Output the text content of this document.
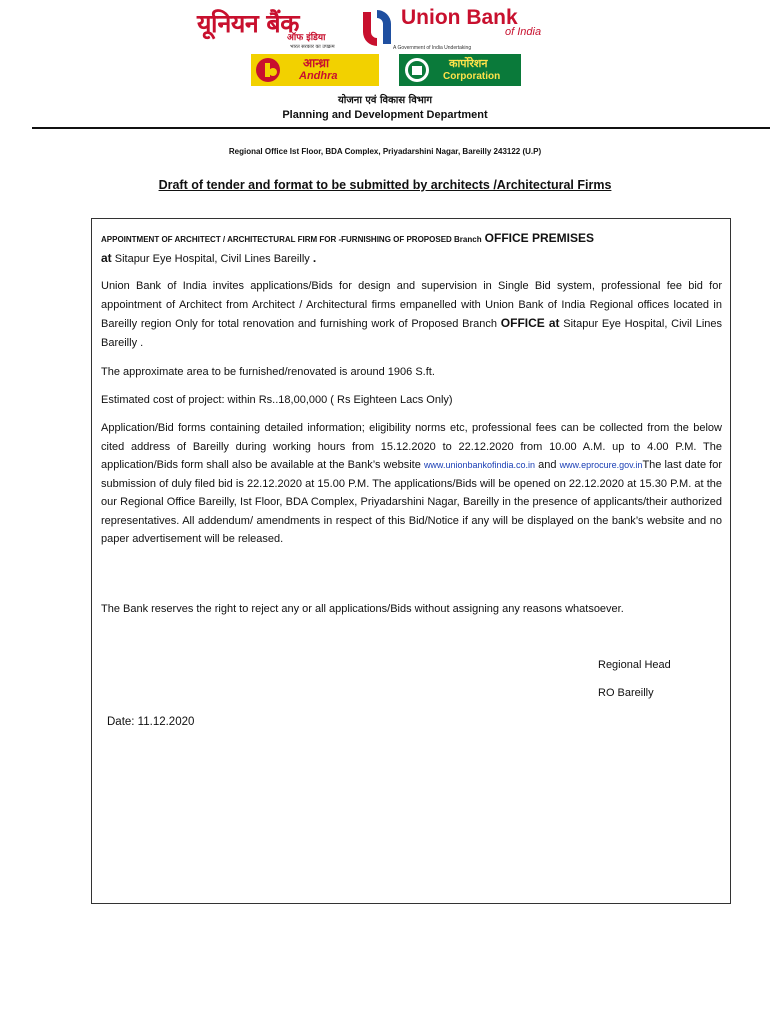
यूनियन बैंक
ऑफ इंडिया
Union Bank
of India
भारत सरकार का उपक्रम	A Government of India Undertaking
आन्ध्रा
Andhra
कार्पोरेशन
Corporation
योजना एवं विकास विभाग
Planning and Development Department
Regional Office Ist Floor, BDA Complex, Priyadarshini Nagar, Bareilly 243122 (U.P)
Draft of tender and format to be submitted by architects /Architectural Firms
APPOINTMENT OF ARCHITECT / ARCHITECTURAL FIRM FOR -FURNISHING OF PROPOSED Branch OFFICE PREMISES
at Sitapur Eye Hospital, Civil Lines Bareilly .
Union Bank of India invites applications/Bids for design and supervision in Single Bid system, professional fee bid for appointment of Architect from Architect / Architectural firms empanelled with Union Bank of India Regional offices located in Bareilly region Only for total renovation and furnishing work of Proposed Branch OFFICE at Sitapur Eye Hospital, Civil Lines Bareilly .
The approximate area to be furnished/renovated is around 1906 S.ft.
Estimated cost of project: within Rs..18,00,000 ( Rs Eighteen Lacs Only)
Application/Bid forms containing detailed information; eligibility norms etc, professional fees can be collected from the below cited address of Bareilly during working hours from 15.12.2020 to 22.12.2020 from 10.00 A.M. up to 4.00 P.M. The application/Bids form shall also be available at the Bank’s website www.unionbankofindia.co.in and www.eprocure.gov.inThe last date for submission of duly filed bid is 22.12.2020 at 15.00 P.M. The applications/Bids will be opened on 22.12.2020 at 15.30 P.M. at the our Regional Office Bareilly, Ist Floor, BDA Complex, Priyadarshini Nagar, Bareilly in the presence of applicants/their authorized representatives. All addendum/ amendments in respect of this Bid/Notice if any will be displayed on the bank’s website and no paper advertisement will be released.
The Bank reserves the right to reject any or all applications/Bids without assigning any reasons whatsoever.
Regional Head
RO Bareilly
Date: 11.12.2020
